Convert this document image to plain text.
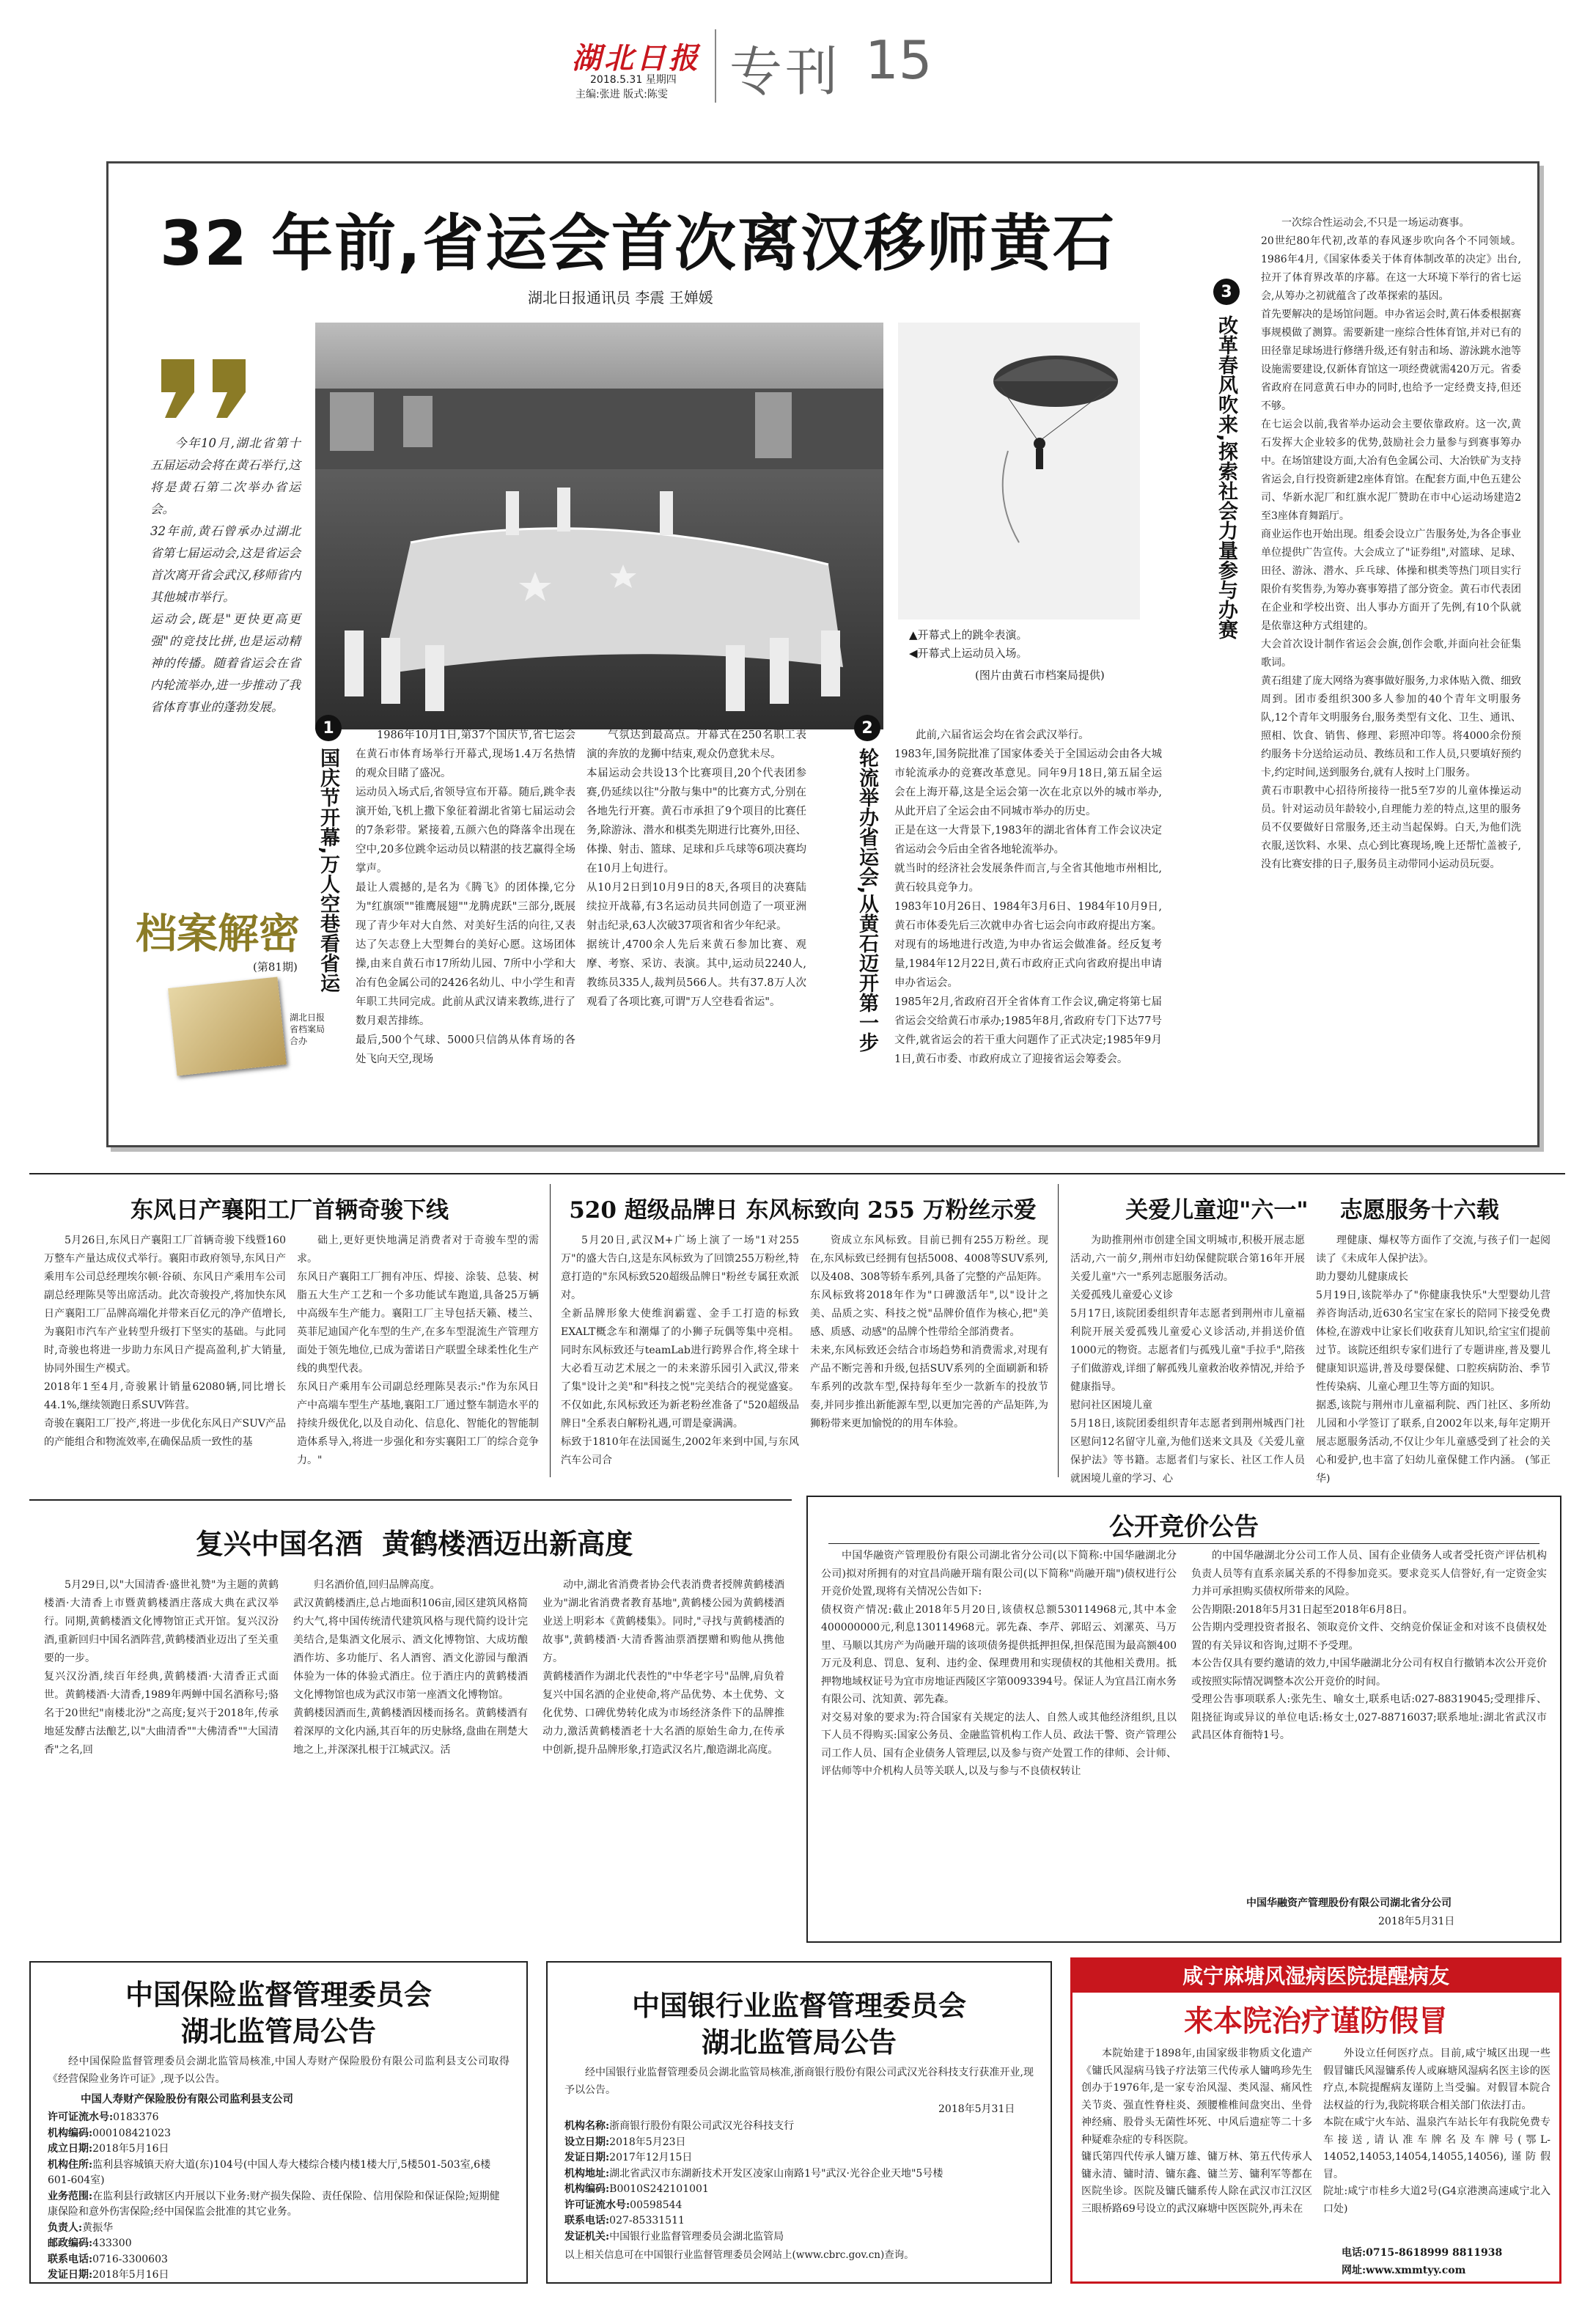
湖北日报
2018.5.31 星期四
主编:张进 版式:陈雯 专刊 15
32 年前,省运会首次离汉移师黄石
湖北日报通讯员 李震 王婵媛
今年10月,湖北省第十五届运动会将在黄石举行,这将是黄石第二次举办省运会。
32年前,黄石曾承办过湖北省第七届运动会,这是省运会首次离开省会武汉,移师省内其他城市举行。
运动会,既是"更快更高更强"的竞技比拼,也是运动精神的传播。随着省运会在省内轮流举办,进一步推动了我省体育事业的蓬勃发展。
档案解密
(第81期)
湖北日报省档案局 合办
▲开幕式上的跳伞表演。
◀开幕式上运动员入场。
(图片由黄石市档案局提供)
1
国庆节开幕,万人空巷看省运
1986年10月1日,第37个国庆节,省七运会在黄石市体育场举行开幕式,现场1.4万名热情的观众目睹了盛况。
运动员入场式后,省领导宣布开幕。随后,跳伞表演开始,飞机上撒下象征着湖北省第七届运动会的7条彩带。紧接着,五颜六色的降落伞出现在空中,20多位跳伞运动员以精湛的技艺赢得全场掌声。
最让人震撼的,是名为《腾飞》的团体操,它分为"红旗颂""锥鹰展翅""龙腾虎跃"三部分,既展现了青少年对大自然、对美好生活的向往,又表达了矢志登上大型舞台的美好心愿。这场团体操,由来自黄石市17所幼儿园、7所中小学和大冶有色金属公司的2426名幼儿、中小学生和青年职工共同完成。此前从武汉请来教练,进行了数月艰苦排练。
最后,500个气球、5000只信鸽从体育场的各处飞向天空,现场
气氛达到最高点。开幕式在250名职工表演的奔放的龙狮中结束,观众仍意犹未尽。
本届运动会共设13个比赛项目,20个代表团参赛,仍延续以往"分散与集中"的比赛方式,分别在各地先行开赛。黄石市承担了9个项目的比赛任务,除游泳、潜水和棋类先期进行比赛外,田径、体操、射击、篮球、足球和乒乓球等6项决赛均在10月上旬进行。
从10月2日到10月9日的8天,各项目的决赛陆续拉开战幕,有3名运动员共同创造了一项亚洲射击纪录,63人次破37项省和省少年纪录。
据统计,4700余人先后来黄石参加比赛、观摩、考察、采访、表演。其中,运动员2240人,教练员335人,裁判员566人。共有37.8万人次观看了各项比赛,可谓"万人空巷看省运"。
2
轮流举办省运会,从黄石迈开第一步
此前,六届省运会均在省会武汉举行。
1983年,国务院批准了国家体委关于全国运动会由各大城市轮流承办的竞赛改革意见。同年9月18日,第五届全运会在上海开幕,这是全运会第一次在北京以外的城市举办,从此开启了全运会由不同城市举办的历史。
正是在这一大背景下,1983年的湖北省体育工作会议决定省运动会今后由全省各地轮流举办。
就当时的经济社会发展条件而言,与全省其他地市州相比,黄石较具竞争力。
1983年10月26日、1984年3月6日、1984年10月9日,黄石市体委先后三次就申办省七运会向市政府提出方案。对现有的场地进行改造,为申办省运会做准备。经反复考量,1984年12月22日,黄石市政府正式向省政府提出申请申办省运会。
1985年2月,省政府召开全省体育工作会议,确定将第七届省运会交给黄石市承办;1985年8月,省政府专门下达77号文件,就省运会的若干重大问题作了正式决定;1985年9月1日,黄石市委、市政府成立了迎接省运会筹委会。
3
改革春风吹来,探索社会力量参与办赛
一次综合性运动会,不只是一场运动赛事。
20世纪80年代初,改革的春风逐步吹向各个不同领域。1986年4月,《国家体委关于体育体制改革的决定》出台,拉开了体育界改革的序幕。在这一大环境下举行的省七运会,从筹办之初就蕴含了改革探索的基因。
首先要解决的是场馆问题。申办省运会时,黄石体委根据赛事规模做了测算。需要新建一座综合性体育馆,并对已有的田径靠足球场进行修缮升级,还有射击和场、游泳跳水池等设施需要建设,仅新体育馆这一项经费就需420万元。省委省政府在同意黄石申办的同时,也给予一定经费支持,但还不够。
在七运会以前,我省举办运动会主要依靠政府。这一次,黄石发挥大企业较多的优势,鼓励社会力量参与到赛事筹办中。在场馆建设方面,大冶有色金属公司、大冶铁矿为支持省运会,自行投资新建2座体育馆。在配套方面,中色五建公司、华新水泥厂和红旗水泥厂赞助在市中心运动场建造2至3座体育舞蹈厅。
商业运作也开始出现。组委会设立广告服务处,为各企事业单位提供广告宣传。大会成立了"证券组",对篮球、足球、田径、游泳、潜水、乒乓球、体操和棋类等热门项目实行限价有奖售券,为筹办赛事筹措了部分资金。黄石市代表团在企业和学校出资、出人事办方面开了先例,有10个队就是依靠这种方式组建的。
大会首次设计制作省运会会旗,创作会歌,并面向社会征集歌词。
黄石组建了庞大网络为赛事做好服务,力求体贴入微、细致周到。团市委组织300多人参加的40个青年文明服务队,12个青年文明服务台,服务类型有文化、卫生、通讯、照相、饮食、销售、修理、彩照冲印等。将4000余份预约服务卡分送给运动员、教练员和工作人员,只要填好预约卡,约定时间,送到服务台,就有人按时上门服务。
黄石市职教中心招待所接待一批5至7岁的儿童体操运动员。针对运动员年龄较小,自理能力差的特点,这里的服务员不仅要做好日常服务,还主动当起保姆。白天,为他们洗衣服,送饮料、水果、点心到比赛现场,晚上还帮忙盖被子,没有比赛安排的日子,服务员主动带同小运动员玩耍。
东风日产襄阳工厂首辆奇骏下线
5月26日,东风日产襄阳工厂首辆奇骏下线暨160万整车产量达成仪式举行。襄阳市政府领导,东风日产乘用车公司总经理埃尔顿·谷硕、东风日产乘用车公司副总经理陈昊等出席活动。此次奇骏投产,将加快东风日产襄阳工厂品牌高端化并带来百亿元的净产值增长,为襄阳市汽车产业转型升级打下坚实的基础。与此同时,奇骏也将进一步助力东风日产提高盈利,扩大销量,协同外围生产模式。
2018年1至4月,奇骏累计销量62080辆,同比增长44.1%,继续领跑日系SUV阵营。
奇骏在襄阳工厂投产,将进一步优化东风日产SUV产品的产能组合和物流效率,在确保品质一致性的基
础上,更好更快地满足消费者对于奇骏车型的需求。
东风日产襄阳工厂拥有冲压、焊接、涂装、总装、树脂五大生产工艺和一个多功能试车跑道,具备25万辆中高级车生产能力。襄阳工厂主导包括天籁、楼兰、英菲尼迪国产化车型的生产,在多车型混流生产管理方面处于领先地位,已成为蕾诺日产联盟全球柔性化生产线的典型代表。
东风日产乘用车公司副总经理陈昊表示:"作为东风日产中高端车型生产基地,襄阳工厂通过整车制造水平的持续升级优化,以及自动化、信息化、智能化的智能制造体系导入,将进一步强化和夯实襄阳工厂的综合竞争力。"
520 超级品牌日 东风标致向 255 万粉丝示爱
5月20日,武汉M+广场上演了一场"1对255万"的盛大告白,这是东风标致为了回馈255万粉丝,特意打造的"东风标致520超级品牌日"粉丝专属狂欢派对。
全新品牌形象大使维润霸霆、金手工打造的标致EXALT概念车和潮爆了的小狮子玩偶等集中亮相。同时东风标致还与teamLab进行跨界合作,将全球十大必看互动艺术展之一的未来游乐园引入武汉,带来了集"设计之美"和"科技之悦"完美结合的视觉盛宴。不仅如此,东风标致还为新老粉丝准备了"520超级品牌日"全系表白解粉礼遇,可谓是豪满满。
标致于1810年在法国诞生,2002年来到中国,与东风汽车公司合
资成立东风标致。目前已拥有255万粉丝。现在,东风标致已经拥有包括5008、4008等SUV系列,以及408、308等轿车系列,具备了完整的产品矩阵。
东风标致将2018年作为"口碑激活年",以"设计之美、品质之实、科技之悦"品牌价值作为核心,把"美感、质感、动感"的品牌个性带给全部消费者。
未来,东风标致还会结合市场趋势和消费需求,对现有产品不断完善和升级,包括SUV系列的全面刷新和轿车系列的改款车型,保持每年至少一款新车的投放节奏,并同步推出新能源车型,以更加完善的产品矩阵,为狮粉带来更加愉悦的的用车体验。
关爱儿童迎"六一"    志愿服务十六载
为助推荆州市创建全国文明城市,积极开展志愿活动,六一前夕,荆州市妇幼保健院联合第16年开展关爱儿童"六一"系列志愿服务活动。
关爱孤残儿童爱心义诊
5月17日,该院团委组织青年志愿者到荆州市儿童福利院开展关爱孤残儿童爱心义诊活动,并捐送价值1000元的物资。志愿者们与孤残儿童"手拉手",陪孩子们做游戏,详细了解孤残儿童救治收养情况,并给予健康指导。
慰问社区困境儿童
5月18日,该院团委组织青年志愿者到荆州城西门社区慰问12名留守儿童,为他们送来文具及《关爱儿童保护法》等书籍。志愿者们与家长、社区工作人员就困境儿童的学习、心
理健康、爆权等方面作了交流,与孩子们一起阅读了《未成年人保护法》。
助力婴幼儿健康成长
5月19日,该院举办了"你健康我快乐"大型婴幼儿营养咨询活动,近630名宝宝在家长的陪同下接受免费体检,在游戏中让家长们收获育儿知识,给宝宝们提前过节。该院还组织专家们进行了专题讲座,普及婴儿健康知识巡讲,普及母婴保健、口腔疾病防治、季节性传染病、儿童心理卫生等方面的知识。
据悉,该院与荆州市儿童福利院、西门社区、多所幼儿园和小学签订了联系,自2002年以来,每年定期开展志愿服务活动,不仅让少年儿童感受到了社会的关心和爱护,也丰富了妇幼儿童保健工作内涵。 (邹正华)
复兴中国名酒  黄鹤楼酒迈出新高度
5月29日,以"大国清香·盛世礼赞"为主题的黄鹤楼酒·大清香上市暨黄鹤楼酒庄落成大典在武汉举行。同期,黄鹤楼酒文化博物馆正式开馆。复兴汉汾酒,重新回归中国名酒阵营,黄鹤楼酒业迈出了至关重要的一步。
复兴汉汾酒,续百年经典,黄鹤楼酒·大清香正式面世。黄鹤楼酒·大清香,1989年两蝉中国名酒称号;骆名于20世纪"南楼北汾"之高度;复兴于2018年,传承地延发酵古法酿艺,以"大曲清香""大佛清香""大国清香"之名,回
归名酒价值,回归品牌高度。
武汉黄鹤楼酒庄,总占地面积106亩,园区建筑风格简约大气,将中国传统清代建筑风格与现代简约设计完美结合,是集酒文化展示、酒文化博物馆、大成坊酿酒作坊、多功能厅、名人酒窖、酒文化游园与酿酒体验为一体的体验式酒庄。位于酒庄内的黄鹤楼酒文化博物馆也成为武汉市第一座酒文化博物馆。
黄鹤楼因酒而生,黄鹤楼酒因楼而扬名。黄鹤楼酒有着深厚的文化内涵,其百年的历史脉络,盘曲在荆楚大地之上,并深深扎根于江城武汉。活
动中,湖北省消费者协会代表消费者授牌黄鹤楼酒业为"湖北省消费者教育基地",黄鹤楼公园为黄鹤楼酒业送上明彩本《黄鹤楼集》。同时,"寻找与黄鹤楼酒的故事",黄鹤楼酒·大清香酱油票酒摆赠和购他从携他方。
黄鹤楼酒作为湖北代表性的"中华老字号"品牌,肩负着复兴中国名酒的企业使命,将产品优势、本土优势、文化优势、口碑优势转化成为市场经济条件下的品牌推动力,激活黄鹤楼酒老十大名酒的原始生命力,在传承中创新,提升品牌形象,打造武汉名片,酿造湖北高度。
公开竞价公告
中国华融资产管理股份有限公司湖北省分公司(以下简称:中国华融湖北分公司)拟对所拥有的对宜昌尚融开瑞有限公司(以下简称"尚融开瑞")债权进行公开竞价处置,现将有关情况公告如下:
债权资产情况:截止2018年5月20日,该债权总额530114968元,其中本金400000000元,利息130114968元。郭先森、李芹、郭昭云、刘漯英、马万里、马顺以其房产为尚融开瑞的该项债务提供抵押担保,担保范围为最高额400万元及利息、罚息、复利、违约金、保理费用和实现债权的其他相关费用。抵押物地域权证号为宜市房地证西陵区字第0093394号。保证人为宜昌江南水务有限公司、沈知黄、郭先森。
对交易对象的要求为:符合国家有关规定的法人、自然人或其他经济组织,且以下人员不得购买:国家公务员、金融监管机构工作人员、政法干警、资产管理公司工作人员、国有企业债务人管理层,以及参与资产处置工作的律师、会计师、评估师等中介机构人员等关联人,以及与参与不良债权转让
的中国华融湖北分公司工作人员、国有企业债务人或者受托资产评估机构负责人员等有直系亲属关系的不得参加竞买。要求竞买人信誉好,有一定资金实力并可承担购买债权所带来的风险。
公告期限:2018年5月31日起至2018年6月8日。
公告期内受理投资者报名、领取竞价文件、交纳竞价保证金和对该不良债权处置的有关异议和咨询,过期不予受理。
本公告仅具有要约邀请的效力,中国华融湖北分公司有权自行撤销本次公开竞价或按照实际情况调整本次公开竞价的时间。
受理公告事项联系人:张先生、喻女士,联系电话:027-88319045;受理排斥、阻挠征询或异议的单位电话:杨女士,027-88716037;联系地址:湖北省武汉市武昌区体育衙特1号。
中国华融资产管理股份有限公司湖北省分公司
2018年5月31日
中国保险监督管理委员会
湖北监管局公告
经中国保险监督管理委员会湖北监管局核准,中国人寿财产保险股份有限公司监利县支公司取得《经营保险业务许可证》,现予以公告。
中国人寿财产保险股份有限公司监利县支公司
许可证流水号:0183376
机构编码:000108421023
成立日期:2018年5月16日
机构住所:监利县容城镇天府大道(东)104号(中国人寿大楼综合楼内楼1楼大厅,5楼501-503室,6楼601-604室)
业务范围:在监利县行政辖区内开展以下业务:财产损失保险、责任保险、信用保险和保证保险;短期健康保险和意外伤害保险;经中国保监会批准的其它业务。
负责人:黄振华
邮政编码:433300
联系电话:0716-3300603
发证日期:2018年5月16日
中国银行业监督管理委员会
湖北监管局公告
经中国银行业监督管理委员会湖北监管局核准,浙商银行股份有限公司武汉光谷科技支行获准开业,现予以公告。
2018年5月31日
机构名称:浙商银行股份有限公司武汉光谷科技支行
设立日期:2018年5月23日
发证日期:2017年12月15日
机构地址:湖北省武汉市东湖新技术开发区凌家山南路1号"武汉·光谷企业天地"5号楼
机构编码:B0010S242101001
许可证流水号:00598544
联系电话:027-85331511
发证机关:中国银行业监督管理委员会湖北监管局
以上相关信息可在中国银行业监督管理委员会网站上(www.cbrc.gov.cn)查询。
咸宁麻塘风湿病医院提醒病友
来本院治疗谨防假冒
本院始建于1898年,由国家级非物质文化遗产《镛氏风湿病马钱子疗法第三代传承人镛鸣珍先生创办于1976年,是一家专治风湿、类风湿、痛风性关节炎、强直性脊柱炎、颈腰椎椎间盘突出、坐骨神经痛、股骨头无菌性坏死、中风后遗症等二十多种疑难杂症的专科医院。
镛氏第四代传承人镛万雄、镛万林、第五代传承人镛永清、镛时清、镛东鑫、镛兰芳、镛利军等都在医院坐诊。医院及镛氏镛系传人除在武汉市江汉区三眼桥路69号设立的武汉麻塘中医医院外,再未在
外设立任何医疗点。目前,咸宁城区出现一些假冒镛氏风湿镛系传人或麻塘风湿病名医主诊的医疗点,本院提醒病友谨防上当受骗。对假冒本院合法权益的行为,我院将联合相关部门依法打击。
本院在咸宁火车站、温泉汽车站长年有我院免费专车接送,请认准车牌名及车牌号(鄂L-14052,14053,14054,14055,14056),谨防假冒。
院址:咸宁市桂乡大道2号(G4京港澳高速咸宁北入口处)
电话:0715-8618999 8811938
网址:www.xmmtyy.com
